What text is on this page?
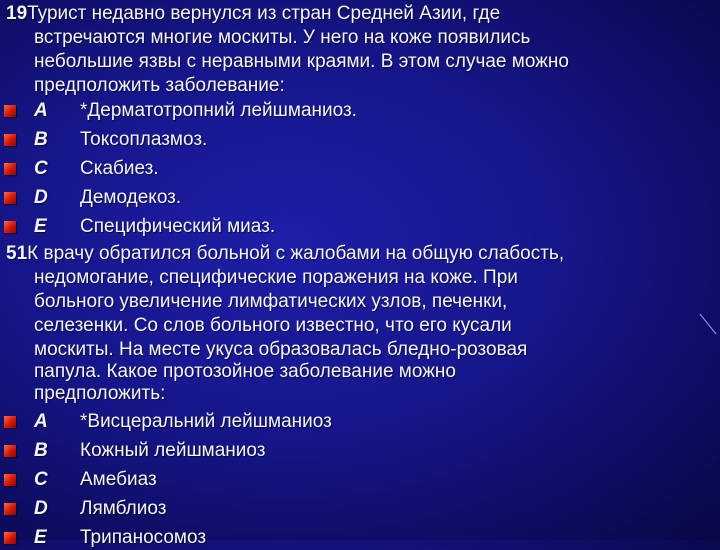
19Турист недавно вернулся из стран Средней Азии, где
встречаются многие москиты. У него на коже появились
небольшие язвы с неравными краями. В этом случае можно
предположить заболевание:
A *Дерматотропний лейшманиоз.
B Токсоплазмоз.
C Скабиез.
D Демодекоз.
E Специфический миаз.
51К врачу обратился больной с жалобами на общую слабость,
недомогание, специфические поражения на коже. При
больного увеличение лимфатических узлов, печенки,
селезенки. Со слов больного известно, что его кусали
москиты. На месте укуса образовалась бледно-розовая
папула. Какое протозойное заболевание можно
предположить:
A *Висцеральний лейшманиоз
B Кожный лейшманиоз
C Амебиаз
D Лямблиоз
E Трипаносомоз
